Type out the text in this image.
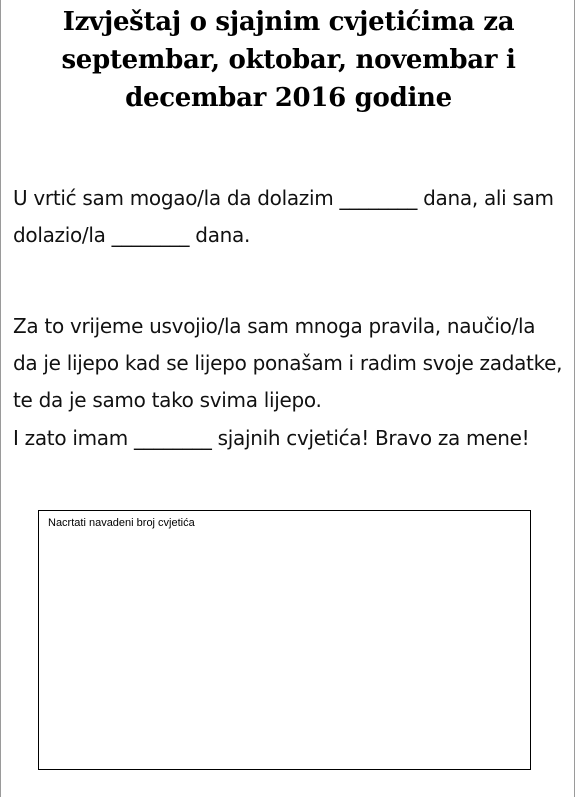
Izvještaj o sjajnim cvjetićima za septembar, oktobar, novembar i decembar 2016 godine

U vrtić sam mogao/la da dolazim ________ dana, ali sam dolazio/la ________ dana.

Za to vrijeme usvojio/la sam mnoga pravila, naučio/la da je lijepo kad se lijepo ponašam i radim svoje zadatke, te da je samo tako svima lijepo.

I zato imam ________ sjajnih cvjetića! Bravo za mene!

Nacrtati navadeni broj cvjetića
